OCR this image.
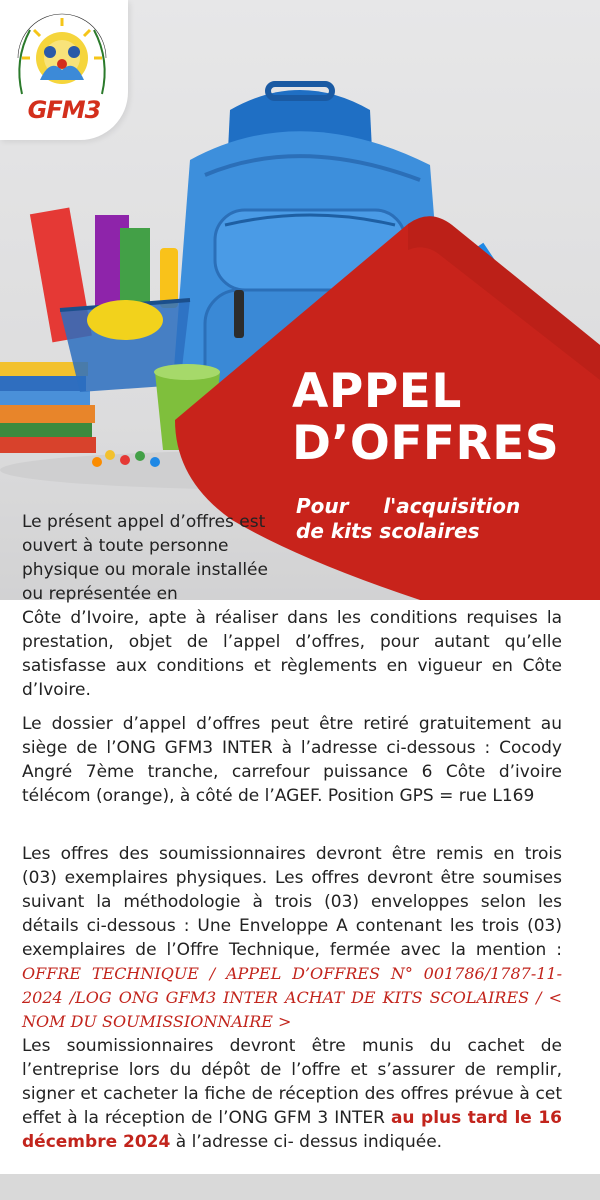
GFM3
APPEL
D’OFFRES
Pour     l'acquisition
de kits scolaires

Le présent appel d’offres est ouvert à toute personne physique ou morale installée ou représentée en

Côte d’Ivoire, apte à réaliser dans les conditions requises la prestation, objet de l’appel d’offres, pour autant qu’elle satisfasse aux conditions et règlements en vigueur en Côte d’Ivoire.

Le dossier d’appel d’offres peut être retiré gratuitement au siège de l’ONG GFM3 INTER à l’adresse ci-dessous : Cocody Angré 7ème tranche, carrefour puissance 6 Côte d’ivoire télécom (orange), à côté de l’AGEF. Position GPS = rue L169

Les offres des soumissionnaires devront être remis en trois (03) exemplaires physiques. Les offres devront être soumises suivant la méthodologie à trois (03) enveloppes selon les détails ci-dessous : Une Enveloppe A contenant les trois (03) exemplaires de l’Offre Technique, fermée avec la mention : OFFRE TECHNIQUE / APPEL D’OFFRES N° 001786/1787-11-2024 /LOG ONG GFM3 INTER ACHAT DE KITS SCOLAIRES / < NOM DU SOUMISSIONNAIRE >

Les soumissionnaires devront être munis du cachet de l’entreprise lors du dépôt de l’offre et s’assurer de remplir, signer et cacheter la fiche de réception des offres prévue à cet effet à la réception de l’ONG GFM 3 INTER au plus tard le 16 décembre 2024 à l’adresse ci- dessus indiquée.
